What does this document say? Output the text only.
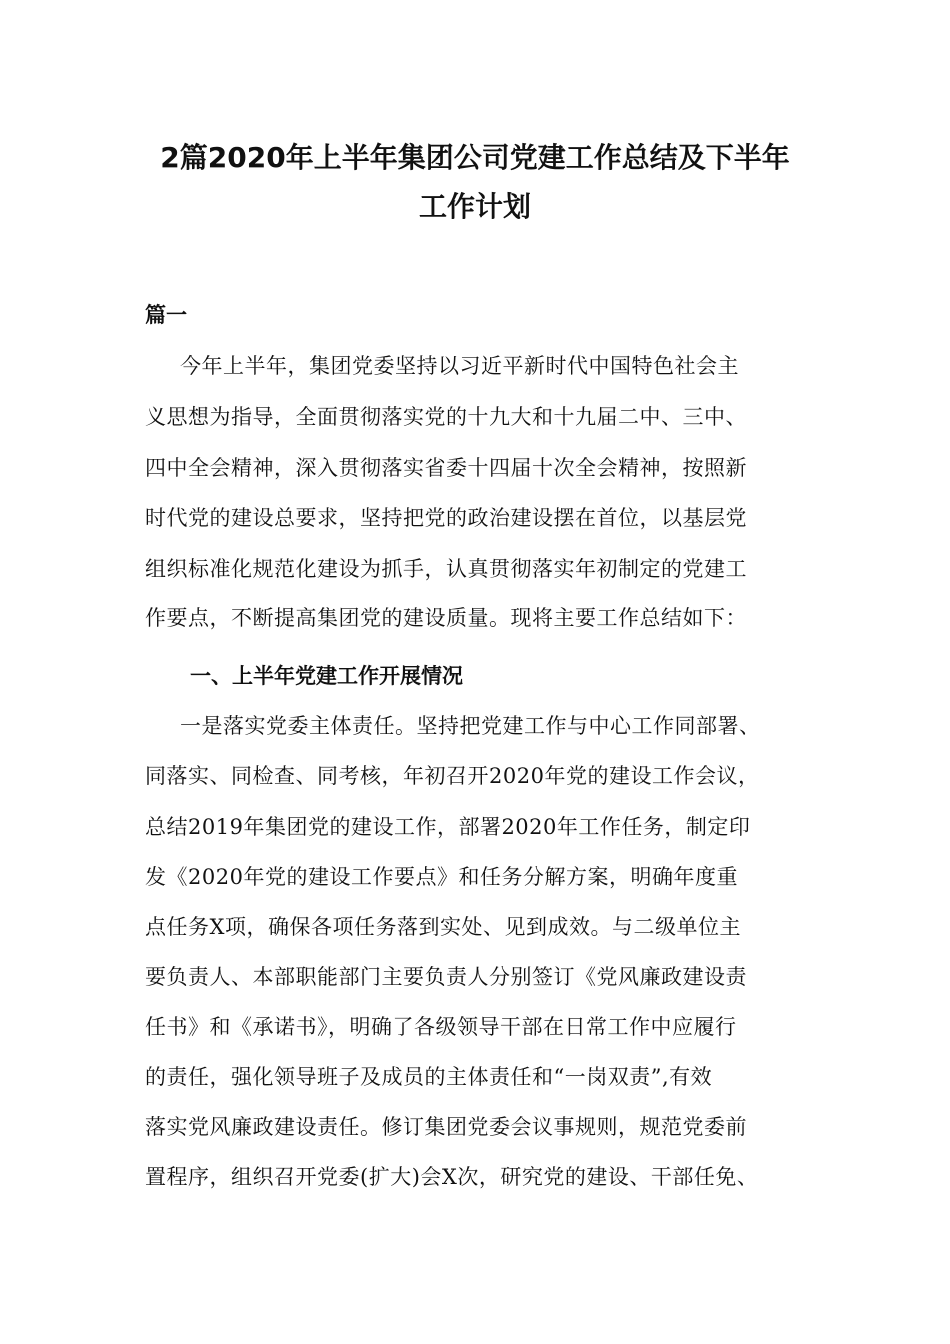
2篇2020年上半年集团公司党建工作总结及下半年
工作计划
篇一
今年上半年，集团党委坚持以习近平新时代中国特色社会主
义思想为指导，全面贯彻落实党的十九大和十九届二中、三中、
四中全会精神，深入贯彻落实省委十四届十次全会精神，按照新
时代党的建设总要求，坚持把党的政治建设摆在首位，以基层党
组织标准化规范化建设为抓手，认真贯彻落实年初制定的党建工
作要点，不断提高集团党的建设质量。现将主要工作总结如下：
一、上半年党建工作开展情况
一是落实党委主体责任。坚持把党建工作与中心工作同部署、
同落实、同检查、同考核，年初召开2020年党的建设工作会议，
总结2019年集团党的建设工作，部署2020年工作任务，制定印
发《2020年党的建设工作要点》和任务分解方案，明确年度重
点任务X项，确保各项任务落到实处、见到成效。与二级单位主
要负责人、本部职能部门主要负责人分别签订《党风廉政建设责
任书》和《承诺书》，明确了各级领导干部在日常工作中应履行
的责任，强化领导班子及成员的主体责任和“一岗双责”,有效
落实党风廉政建设责任。修订集团党委会议事规则，规范党委前
置程序，组织召开党委(扩大)会X次，研究党的建设、干部任免、
